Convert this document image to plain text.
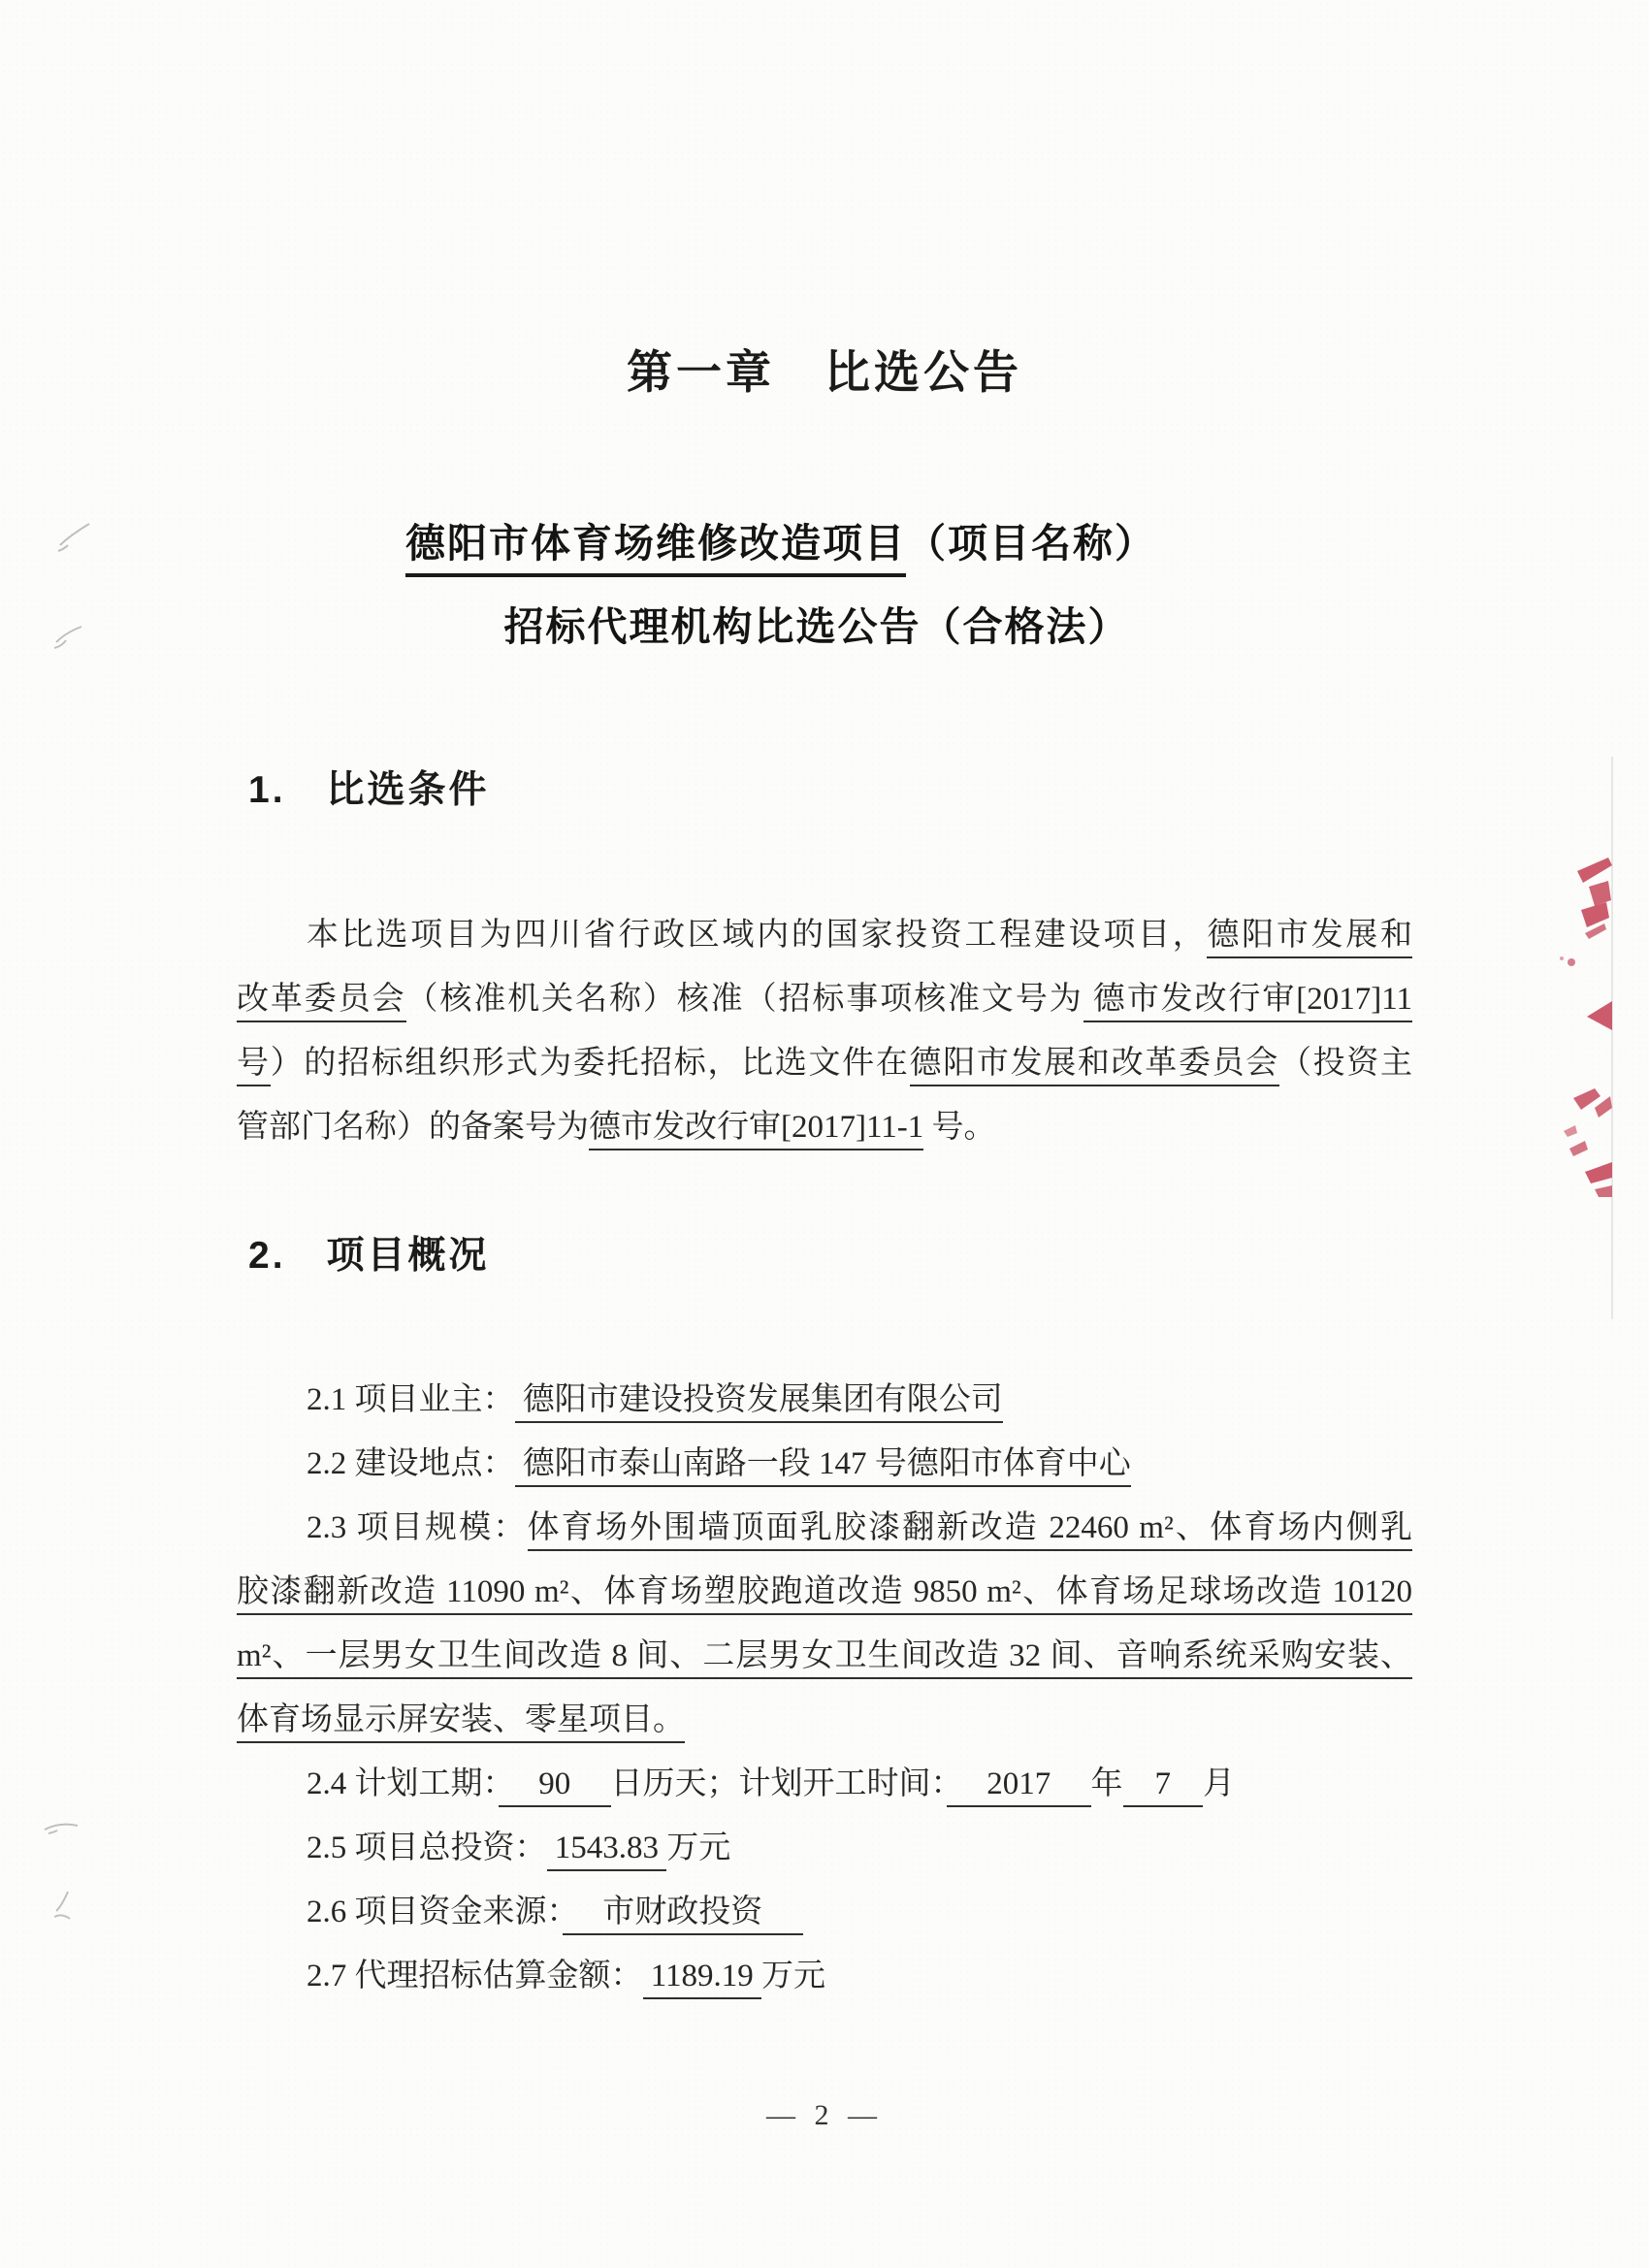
第一章　比选公告
德阳市体育场维修改造项目（项目名称）
招标代理机构比选公告（合格法）
1.　比选条件

本比选项目为四川省行政区域内的国家投资工程建设项目，德阳市发展和

改革委员会（核准机关名称）核准（招标事项核准文号为 德市发改行审[2017]11

号）的招标组织形式为委托招标，比选文件在德阳市发展和改革委员会（投资主

管部门名称）的备案号为德市发改行审[2017]11-1 号。

2.　项目概况

2.1 项目业主： 德阳市建设投资发展集团有限公司

2.2 建设地点： 德阳市泰山南路一段 147 号德阳市体育中心

2.3 项目规模：体育场外围墙顶面乳胶漆翻新改造 22460 m²、体育场内侧乳

胶漆翻新改造 11090 m²、体育场塑胶跑道改造 9850 m²、体育场足球场改造 10120

m²、一层男女卫生间改造 8 间、二层男女卫生间改造 32 间、音响系统采购安装、

体育场显示屏安装、零星项目。

2.4 计划工期：　 90 　日历天；计划开工时间：　 2017 　年　7　月

2.5 项目总投资： 1543.83 万元

2.6 项目资金来源：　 市财政投资 　

2.7 代理招标估算金额： 1189.19 万元

— 2 —
